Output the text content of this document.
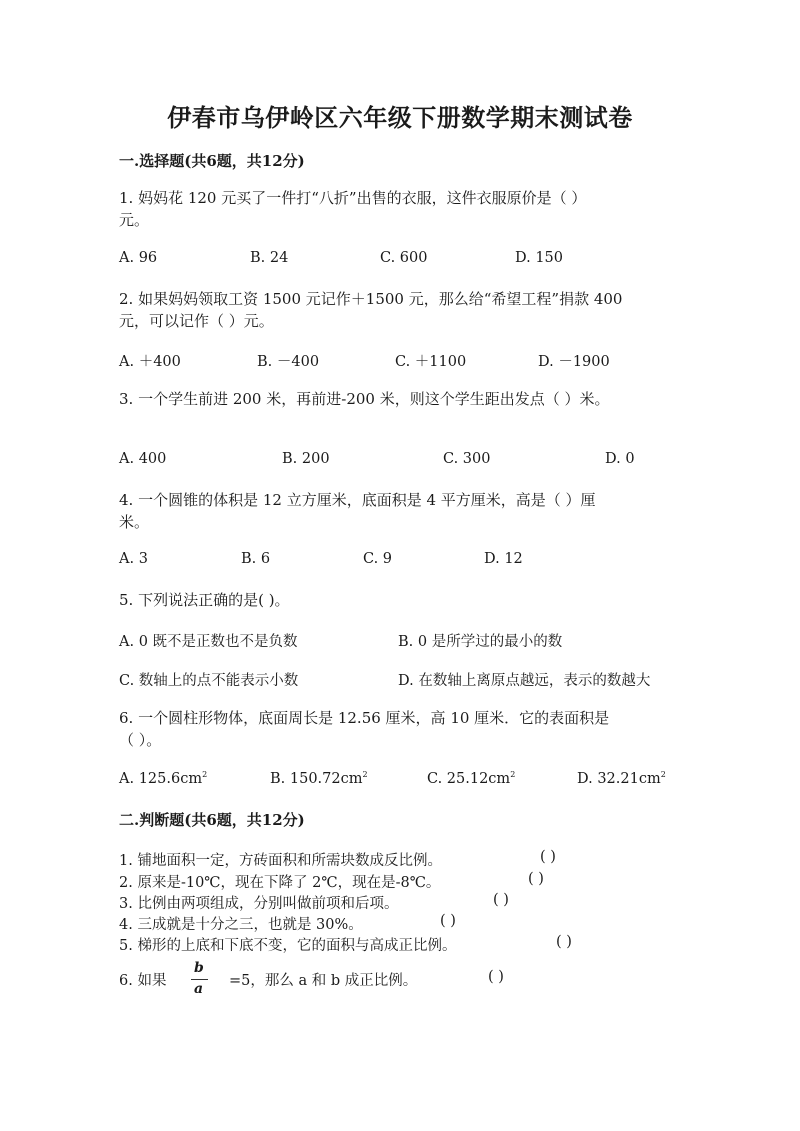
伊春市乌伊岭区六年级下册数学期末测试卷
一.选择题(共6题，共12分)
1. 妈妈花 120 元买了一件打“八折”出售的衣服，这件衣服原价是（ ）
元。
A. 96	B. 24	C. 600	D. 150
2. 如果妈妈领取工资 1500 元记作＋1500 元，那么给“希望工程”捐款 400
元，可以记作（ ）元。
A. ＋400	B. －400	C. ＋1100	D. －1900
3. 一个学生前进 200 米，再前进-200 米，则这个学生距出发点（ ）米。
A. 400	B. 200	C. 300	D. 0
4. 一个圆锥的体积是 12 立方厘米，底面积是 4 平方厘米，高是（ ）厘
米。
A. 3	B. 6	C. 9	D. 12
5. 下列说法正确的是( )。
A. 0 既不是正数也不是负数	B. 0 是所学过的最小的数
C. 数轴上的点不能表示小数	D. 在数轴上离原点越远，表示的数越大
6. 一个圆柱形物体，底面周长是 12.56 厘米，高 10 厘米．它的表面积是
（ ）。
A. $125.6cm^2$	B. $150.72cm^2$	C. $25.12cm^2$	D. $32.21cm^2$
二.判断题(共6题，共12分)
1. 铺地面积一定，方砖面积和所需块数成反比例。	( )
2. 原来是-10℃，现在下降了 2℃，现在是-8℃。	( )
3. 比例由两项组成，分别叫做前项和后项。	( )
4. 三成就是十分之三，也就是 30%。	( )
5. 梯形的上底和下底不变，它的面积与高成正比例。	( )
6. 如果
b
a =5，那么 a 和 b 成正比例。	( )
